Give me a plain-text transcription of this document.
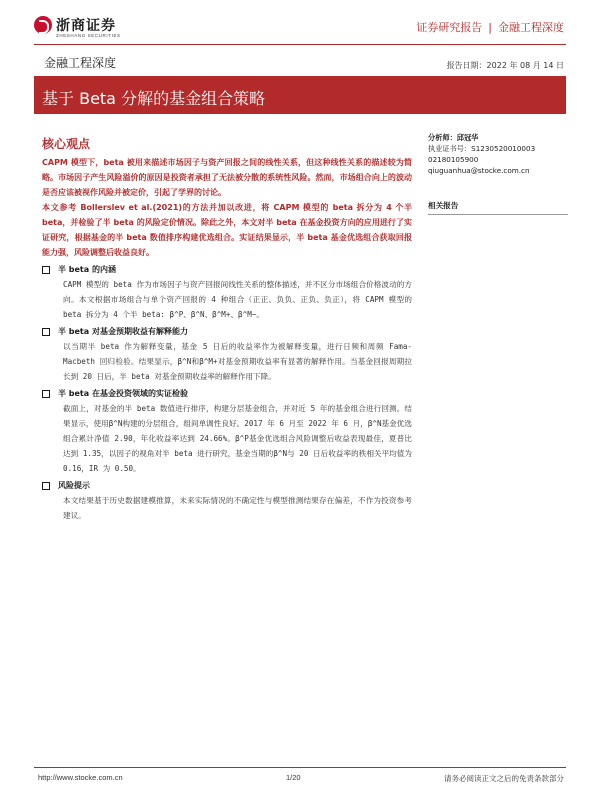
浙商证券
ZHESHANG SECURITIES
证券研究报告 | 金融工程深度
金融工程深度	报告日期：2022 年 08 月 14 日
基于 Beta 分解的基金组合策略
核心观点

CAPM 模型下，beta 被用来描述市场因子与资产回报之间的线性关系，但这种线性关系的描述较为简略。市场因子产生风险溢价的原因是投资者承担了无法被分散的系统性风险。然而，市场组合向上的波动是否应该被视作风险并被定价，引起了学界的讨论。

本文参考 Bollerslev et al.(2021)的方法并加以改进，将 CAPM 模型的 beta 拆分为 4 个半 beta，并检验了半 beta 的风险定价情况。除此之外，本文对半 beta 在基金投资方向的应用进行了实证研究，根据基金的半 beta 数值排序构建优选组合。实证结果显示，半 beta 基金优选组合获取回报能力强，风险调整后收益良好。

半 beta 的内涵

CAPM 模型的 beta 作为市场因子与资产回报间线性关系的整体描述，并不区分市场组合价格波动的方向。本文根据市场组合与单个资产回报的 4 种组合（正正、负负、正负、负正），将 CAPM 模型的 beta 拆分为 4 个半 beta: β^P、β^N、β^M+、β^M−。

半 beta 对基金预期收益有解释能力

以当期半 beta 作为解释变量，基金 5 日后的收益率作为被解释变量，进行日频和周频 Fama-Macbeth 回归检验。结果显示，β^N和β^M+对基金预期收益率有显著的解释作用。当基金回报周期拉长到 20 日后，半 beta 对基金预期收益率的解释作用下降。

半 beta 在基金投资领域的实证检验

截面上，对基金的半 beta 数值进行排序，构建分层基金组合，并对近 5 年的基金组合进行回测。结果显示，使用β^N构建的分层组合，组间单调性良好。2017 年 6 月至 2022 年 6 月，β^N基金优选组合累计净值 2.90，年化收益率达到 24.66%。β^P基金优选组合风险调整后收益表现最佳，夏普比达到 1.35，以因子的视角对半 beta 进行研究，基金当期的β^N与 20 日后收益率的秩相关平均值为 0.16，IR 为 0.50。

风险提示

本文结果基于历史数据建模推算，未来实际情况的不确定性与模型推测结果存在偏差，不作为投资参考建议。

分析师：邱冠华
执业证书号：S1230520010003
02180105900
qiuguanhua@stocke.com.cn
相关报告
http://www.stocke.com.cn	1/20	请务必阅读正文之后的免责条款部分
